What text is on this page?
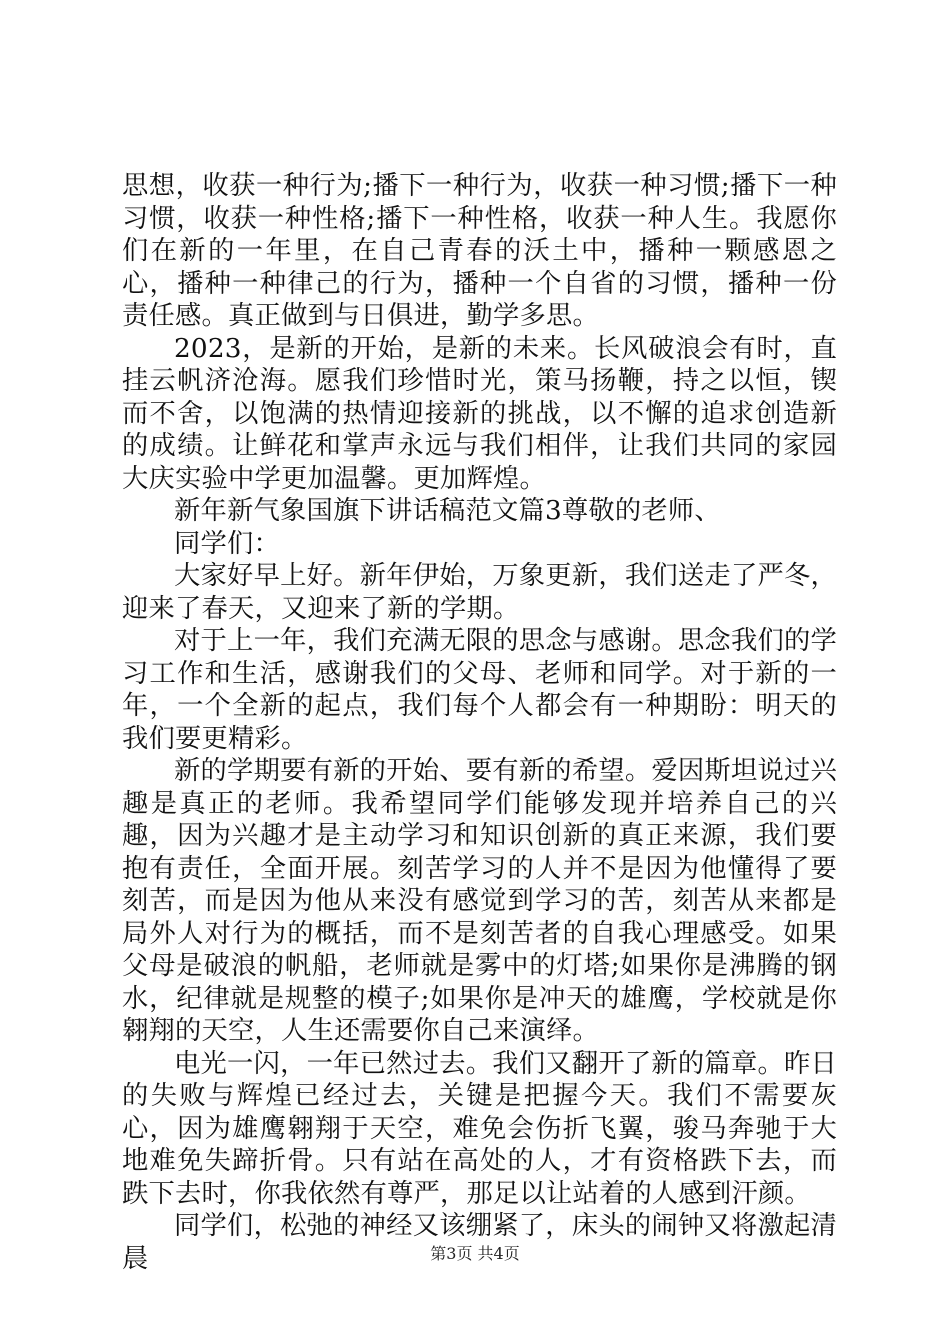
思想，收获一种行为;播下一种行为，收获一种习惯;播下一种习惯，收获一种性格;播下一种性格，收获一种人生。我愿你们在新的一年里，在自己青春的沃土中，播种一颗感恩之心，播种一种律己的行为，播种一个自省的习惯，播种一份责任感。真正做到与日俱进，勤学多思。

2023，是新的开始，是新的未来。长风破浪会有时，直挂云帆济沧海。愿我们珍惜时光，策马扬鞭，持之以恒，锲而不舍，以饱满的热情迎接新的挑战，以不懈的追求创造新的成绩。让鲜花和掌声永远与我们相伴，让我们共同的家园大庆实验中学更加温馨。更加辉煌。

新年新气象国旗下讲话稿范文篇3尊敬的老师、

同学们：

大家好早上好。新年伊始，万象更新，我们送走了严冬，迎来了春天，又迎来了新的学期。

对于上一年，我们充满无限的思念与感谢。思念我们的学习工作和生活，感谢我们的父母、老师和同学。对于新的一年，一个全新的起点，我们每个人都会有一种期盼：明天的我们要更精彩。

新的学期要有新的开始、要有新的希望。爱因斯坦说过兴趣是真正的老师。我希望同学们能够发现并培养自己的兴趣，因为兴趣才是主动学习和知识创新的真正来源，我们要抱有责任，全面开展。刻苦学习的人并不是因为他懂得了要刻苦，而是因为他从来没有感觉到学习的苦，刻苦从来都是局外人对行为的概括，而不是刻苦者的自我心理感受。如果父母是破浪的帆船，老师就是雾中的灯塔;如果你是沸腾的钢水，纪律就是规整的模子;如果你是冲天的雄鹰，学校就是你翱翔的天空，人生还需要你自己来演绎。

电光一闪，一年已然过去。我们又翻开了新的篇章。昨日的失败与辉煌已经过去，关键是把握今天。我们不需要灰心，因为雄鹰翱翔于天空，难免会伤折飞翼，骏马奔驰于大地难免失蹄折骨。只有站在高处的人，才有资格跌下去，而跌下去时，你我依然有尊严，那足以让站着的人感到汗颜。

同学们，松弛的神经又该绷紧了，床头的闹钟又将激起清晨	第3页 共4页
